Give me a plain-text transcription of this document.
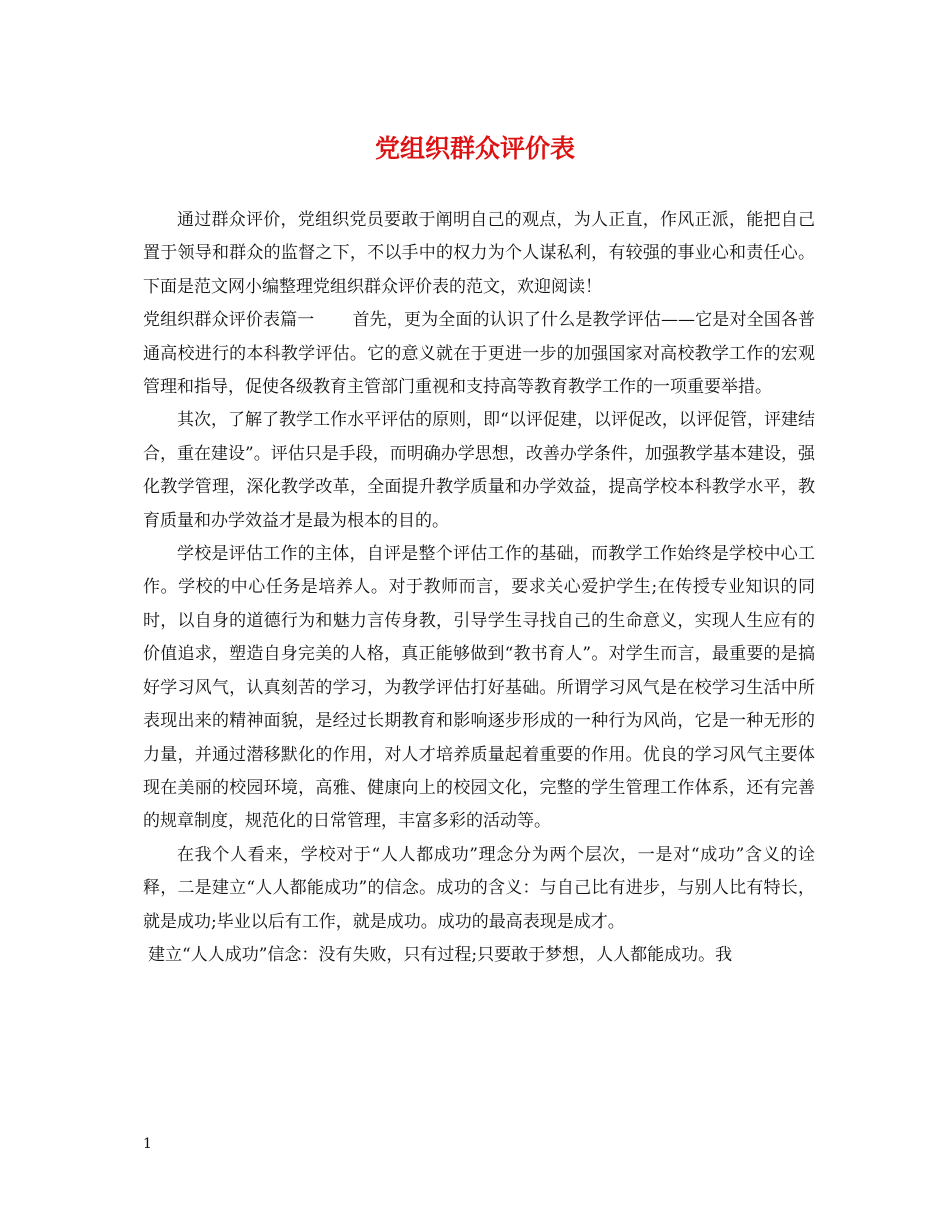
党组织群众评价表

通过群众评价，党组织党员要敢于阐明自己的观点，为人正直，作风正派，能把自己置于领导和群众的监督之下，不以手中的权力为个人谋私利，有较强的事业心和责任心。下面是范文网小编整理党组织群众评价表的范文，欢迎阅读！

党组织群众评价表篇一 首先，更为全面的认识了什么是教学评估——它是对全国各普通高校进行的本科教学评估。它的意义就在于更进一步的加强国家对高校教学工作的宏观管理和指导，促使各级教育主管部门重视和支持高等教育教学工作的一项重要举措。

其次，了解了教学工作水平评估的原则，即“以评促建，以评促改，以评促管，评建结合，重在建设”。评估只是手段，而明确办学思想，改善办学条件，加强教学基本建设，强化教学管理，深化教学改革，全面提升教学质量和办学效益，提高学校本科教学水平，教育质量和办学效益才是最为根本的目的。

学校是评估工作的主体，自评是整个评估工作的基础，而教学工作始终是学校中心工作。学校的中心任务是培养人。对于教师而言，要求关心爱护学生;在传授专业知识的同时，以自身的道德行为和魅力言传身教，引导学生寻找自己的生命意义，实现人生应有的价值追求，塑造自身完美的人格，真正能够做到“教书育人”。对学生而言，最重要的是搞好学习风气，认真刻苦的学习，为教学评估打好基础。所谓学习风气是在校学习生活中所表现出来的精神面貌，是经过长期教育和影响逐步形成的一种行为风尚，它是一种无形的力量，并通过潜移默化的作用，对人才培养质量起着重要的作用。优良的学习风气主要体现在美丽的校园环境，高雅、健康向上的校园文化，完整的学生管理工作体系，还有完善的规章制度，规范化的日常管理，丰富多彩的活动等。

在我个人看来，学校对于“人人都成功”理念分为两个层次，一是对“成功”含义的诠释，二是建立“人人都能成功”的信念。成功的含义：与自己比有进步，与别人比有特长，就是成功;毕业以后有工作，就是成功。成功的最高表现是成才。

建立“人人成功”信念：没有失败，只有过程;只要敢于梦想，人人都能成功。我

1
